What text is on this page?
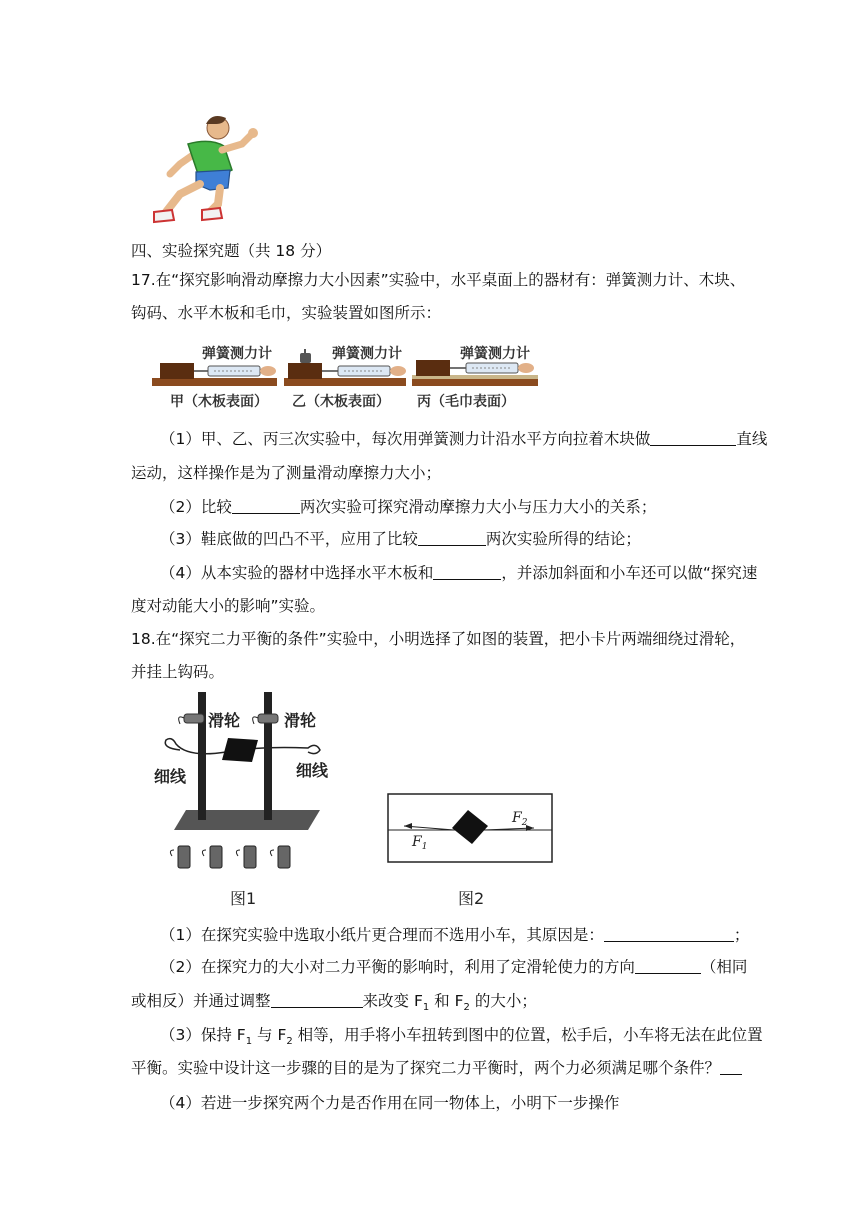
四、实验探究题（共 18 分）
17.在“探究影响滑动摩擦力大小因素”实验中，水平桌面上的器材有：弹簧测力计、木块、
钩码、水平木板和毛巾，实验装置如图所示：
弹簧测力计	弹簧测力计	弹簧测力计
甲（木板表面） 乙（木板表面） 丙（毛巾表面）
（1）甲、乙、丙三次实验中，每次用弹簧测力计沿水平方向拉着木块做	直线
运动，这样操作是为了测量滑动摩擦力大小；
（2）比较	两次实验可探究滑动摩擦力大小与压力大小的关系；
（3）鞋底做的凹凸不平，应用了比较	两次实验所得的结论；
（4）从本实验的器材中选择水平木板和	，并添加斜面和小车还可以做“探究速
度对动能大小的影响”实验。
18.在“探究二力平衡的条件”实验中，小明选择了如图的装置，把小卡片两端细绕过滑轮，
并挂上钩码。
滑轮	滑轮
细线	细线
图1
$F_1$
$F_2$
图2
（1）在探究实验中选取小纸片更合理而不选用小车，其原因是：	；
（2）在探究力的大小对二力平衡的影响时，利用了定滑轮使力的方向	（相同
或相反）并通过调整	来改变 $F_1$ 和 $F_2$ 的大小；
（3）保持 $F_1$ 与 $F_2$ 相等，用手将小车扭转到图中的位置，松手后，小车将无法在此位置
平衡。实验中设计这一步骤的目的是为了探究二力平衡时，两个力必须满足哪个条件？
（4）若进一步探究两个力是否作用在同一物体上，小明下一步操作
